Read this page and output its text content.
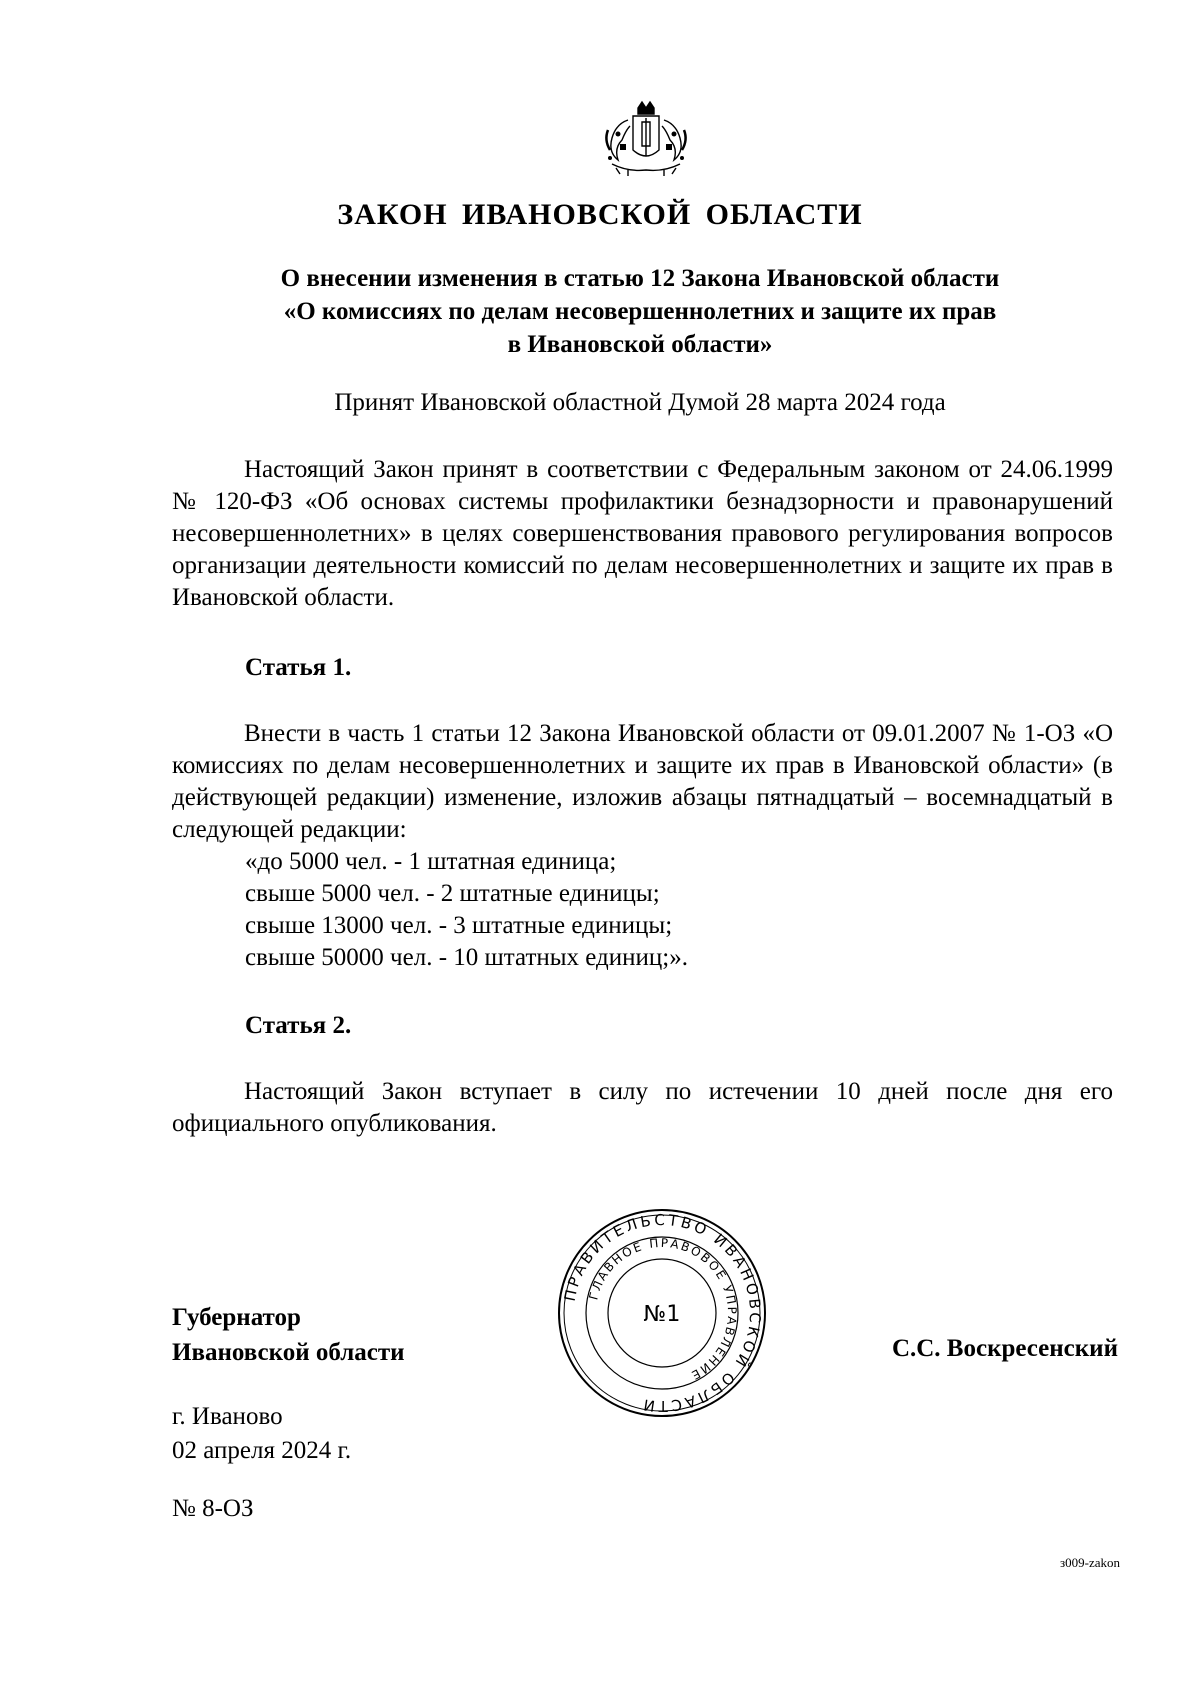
ЗАКОН ИВАНОВСКОЙ ОБЛАСТИ
О внесении изменения в статью 12 Закона Ивановской области
«О комиссиях по делам несовершеннолетних и защите их прав
в Ивановской области»
Принят Ивановской областной Думой 28 марта 2024 года
Настоящий Закон принят в соответствии с Федеральным законом от 24.06.1999 № 120-ФЗ «Об основах системы профилактики безнадзорности и правонарушений несовершеннолетних» в целях совершенствования правового регулирования вопросов организации деятельности комиссий по делам несовершеннолетних и защите их прав в Ивановской области.
Статья 1.
Внести в часть 1 статьи 12 Закона Ивановской области от 09.01.2007 № 1-ОЗ «О комиссиях по делам несовершеннолетних и защите их прав в Ивановской области» (в действующей редакции) изменение, изложив абзацы пятнадцатый – восемнадцатый в следующей редакции:
«до 5000 чел. - 1 штатная единица;
свыше 5000 чел. - 2 штатные единицы;
свыше 13000 чел. - 3 штатные единицы;
свыше 50000 чел. - 10 штатных единиц;».
Статья 2.
Настоящий Закон вступает в силу по истечении 10 дней после дня его официального опубликования.
ПРАВИТЕЛЬСТВО ИВАНОВСКОЙ ОБЛАСТИ
ГЛАВНОЕ ПРАВОВОЕ УПРАВЛЕНИЕ
№1
Губернатор
Ивановской области	С.С. Воскресенский
г. Иваново
02 апреля 2024 г.
№ 8-ОЗ
з009-zakon
